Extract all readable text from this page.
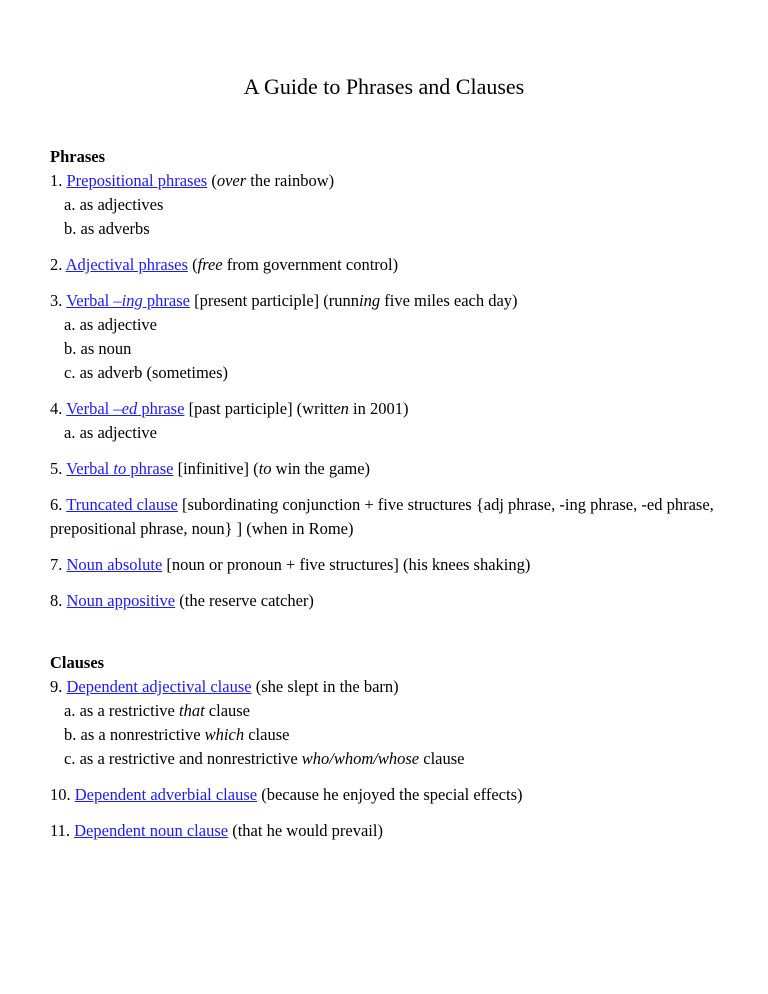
A Guide to Phrases and Clauses
Phrases
1. Prepositional phrases (over the rainbow)
a. as adjectives
b. as adverbs
2. Adjectival phrases (free from government control)
3. Verbal –ing phrase [present participle] (running five miles each day)
a. as adjective
b. as noun
c. as adverb (sometimes)
4. Verbal –ed phrase [past participle] (written in 2001)
a. as adjective
5. Verbal to phrase [infinitive] (to win the game)
6. Truncated clause [subordinating conjunction + five structures {adj phrase, -ing phrase, -ed phrase, prepositional phrase, noun} ] (when in Rome)
7. Noun absolute [noun or pronoun + five structures] (his knees shaking)
8. Noun appositive (the reserve catcher)
Clauses
9. Dependent adjectival clause (she slept in the barn)
a. as a restrictive that clause
b. as a nonrestrictive which clause
c. as a restrictive and nonrestrictive who/whom/whose clause
10. Dependent adverbial clause (because he enjoyed the special effects)
11. Dependent noun clause (that he would prevail)
